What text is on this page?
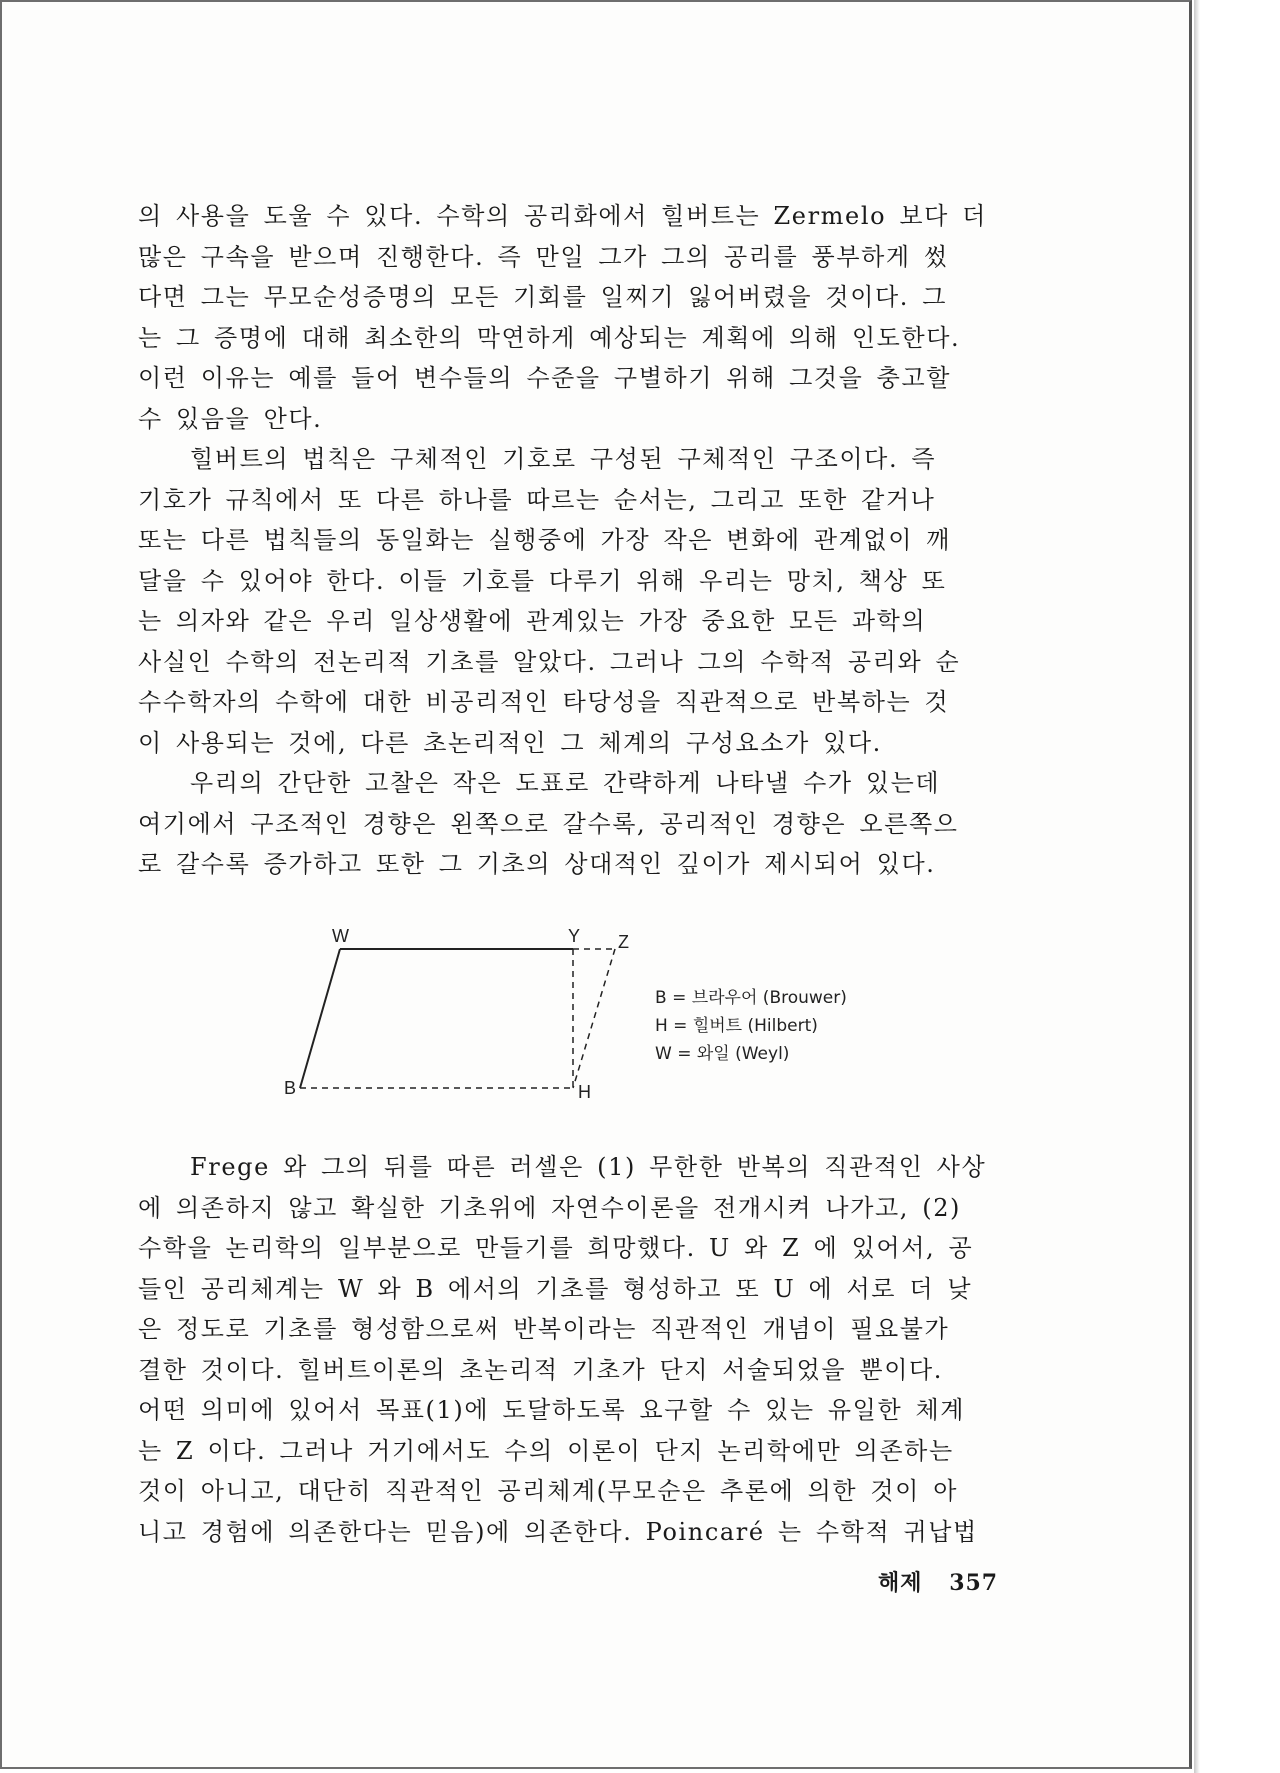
의 사용을 도울 수 있다. 수학의 공리화에서 힐버트는 Zermelo 보다 더
많은 구속을 받으며 진행한다. 즉 만일 그가 그의 공리를 풍부하게 썼
다면 그는 무모순성증명의 모든 기회를 일찌기 잃어버렸을 것이다. 그
는 그 증명에 대해 최소한의 막연하게 예상되는 계획에 의해 인도한다.
이런 이유는 예를 들어 변수들의 수준을 구별하기 위해 그것을 충고할
수 있음을 안다.
힐버트의 법칙은 구체적인 기호로 구성된 구체적인 구조이다. 즉
기호가 규칙에서 또 다른 하나를 따르는 순서는, 그리고 또한 같거나
또는 다른 법칙들의 동일화는 실행중에 가장 작은 변화에 관계없이 깨
달을 수 있어야 한다. 이들 기호를 다루기 위해 우리는 망치, 책상 또
는 의자와 같은 우리 일상생활에 관계있는 가장 중요한 모든 과학의
사실인 수학의 전논리적 기초를 알았다. 그러나 그의 수학적 공리와 순
수수학자의 수학에 대한 비공리적인 타당성을 직관적으로 반복하는 것
이 사용되는 것에, 다른 초논리적인 그 체계의 구성요소가 있다.
우리의 간단한 고찰은 작은 도표로 간략하게 나타낼 수가 있는데
여기에서 구조적인 경향은 왼쪽으로 갈수록, 공리적인 경향은 오른쪽으
로 갈수록 증가하고 또한 그 기초의 상대적인 깊이가 제시되어 있다.
W	Y Z
B	H
B = 브라우어 (Brouwer)
H = 힐버트 (Hilbert)
W = 와일 (Weyl)
Frege 와 그의 뒤를 따른 러셀은 (1) 무한한 반복의 직관적인 사상
에 의존하지 않고 확실한 기초위에 자연수이론을 전개시켜 나가고, (2)
수학을 논리학의 일부분으로 만들기를 희망했다. U 와 Z 에 있어서, 공
들인 공리체계는 W 와 B 에서의 기초를 형성하고 또 U 에 서로 더 낮
은 정도로 기초를 형성함으로써 반복이라는 직관적인 개념이 필요불가
결한 것이다. 힐버트이론의 초논리적 기초가 단지 서술되었을 뿐이다.
어떤 의미에 있어서 목표(1)에 도달하도록 요구할 수 있는 유일한 체계
는 Z 이다. 그러나 거기에서도 수의 이론이 단지 논리학에만 의존하는
것이 아니고, 대단히 직관적인 공리체계(무모순은 추론에 의한 것이 아
니고 경험에 의존한다는 믿음)에 의존한다. Poincaré 는 수학적 귀납법
해제 357
